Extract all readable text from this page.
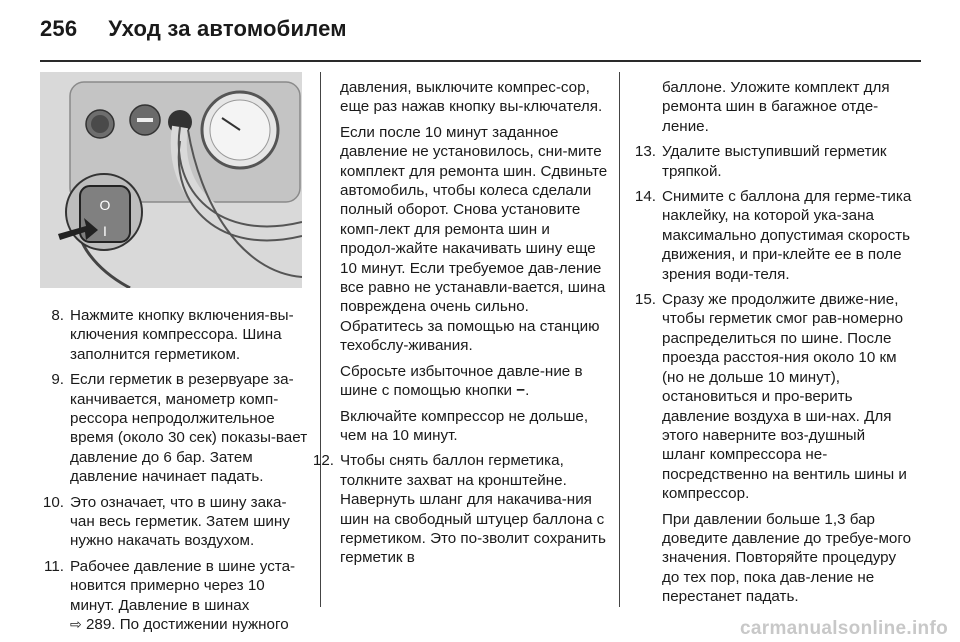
256 Уход за автомобилем
O
I
8. Нажмите кнопку включения-вы-ключения компрессора. Шина заполнится герметиком.
9. Если герметик в резервуаре за-канчивается, манометр комп-рессора непродолжительное время (около 30 сек) показы-вает давление до 6 бар. Затем давление начинает падать.
10. Это означает, что в шину зака-чан весь герметик. Затем шину нужно накачать воздухом.
11. Рабочее давление в шине уста-новится примерно через 10 минут. Давление в шинах
⇨ 289. По достижении нужного

давления, выключите компрес-сор, еще раз нажав кнопку вы-ключателя.

Если после 10 минут заданное давление не установилось, сни-мите комплект для ремонта шин. Сдвиньте автомобиль, чтобы колеса сделали полный оборот. Снова установите комп-лект для ремонта шин и продол-жайте накачивать шину еще 10 минут. Если требуемое дав-ление все равно не устанавли-вается, шина повреждена очень сильно. Обратитесь за помощью на станцию техобслу-живания.

Сбросьте избыточное давле-ние в шине с помощью кнопки −.

Включайте компрессор не дольше, чем на 10 минут.

12. Чтобы снять баллон герметика, толкните захват на кронштейне. Навернуть шланг для накачива-ния шин на свободный штуцер баллона с герметиком. Это по-зволит сохранить герметик в

баллоне. Уложите комплект для ремонта шин в багажное отде-ление.

13. Удалите выступивший герметик тряпкой.
14. Снимите с баллона для герме-тика наклейку, на которой ука-зана максимально допустимая скорость движения, и при-клейте ее в поле зрения води-теля.
15. Сразу же продолжите движе-ние, чтобы герметик смог рав-номерно распределиться по шине. После проезда расстоя-ния около 10 км (но не дольше 10 минут), остановиться и про-верить давление воздуха в ши-нах. Для этого наверните воз-душный шланг компрессора не-посредственно на вентиль шины и компрессор.

При давлении больше 1,3 бар доведите давление до требуе-мого значения. Повторяйте процедуру до тех пор, пока дав-ление не перестанет падать.

carmanualsonline.info
